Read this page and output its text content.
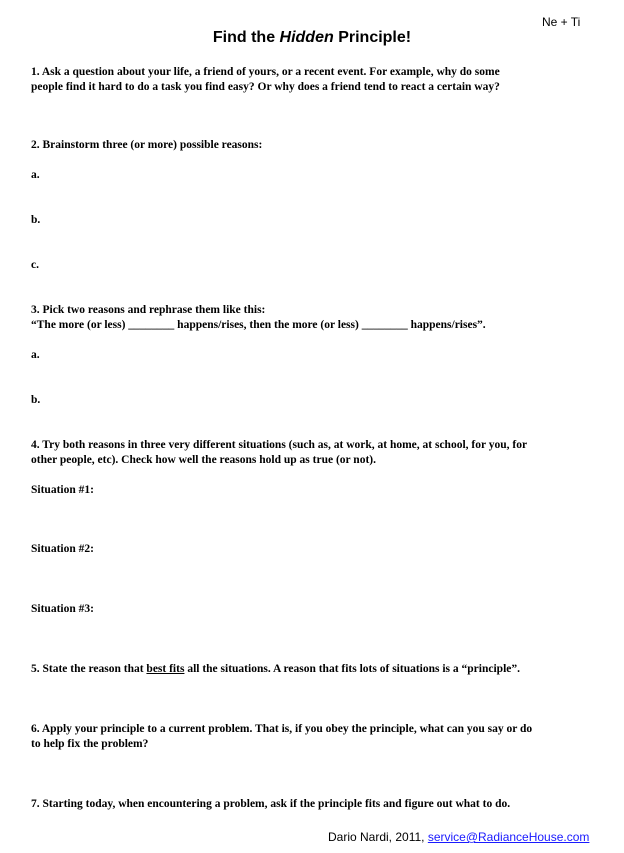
Ne + Ti
Find the Hidden Principle!
1. Ask a question about your life, a friend of yours, or a recent event. For example, why do some
people find it hard to do a task you find easy? Or why does a friend tend to react a certain way?
2. Brainstorm three (or more) possible reasons:
a.
b.
c.
3. Pick two reasons and rephrase them like this:
“The more (or less) ________ happens/rises, then the more (or less) ________ happens/rises”.
a.
b.
4. Try both reasons in three very different situations (such as, at work, at home, at school, for you, for
other people, etc). Check how well the reasons hold up as true (or not).
Situation #1:
Situation #2:
Situation #3:
5. State the reason that best fits all the situations. A reason that fits lots of situations is a “principle”.
6. Apply your principle to a current problem. That is, if you obey the principle, what can you say or do
to help fix the problem?
7. Starting today, when encountering a problem, ask if the principle fits and figure out what to do.
Dario Nardi, 2011, service@RadianceHouse.com
